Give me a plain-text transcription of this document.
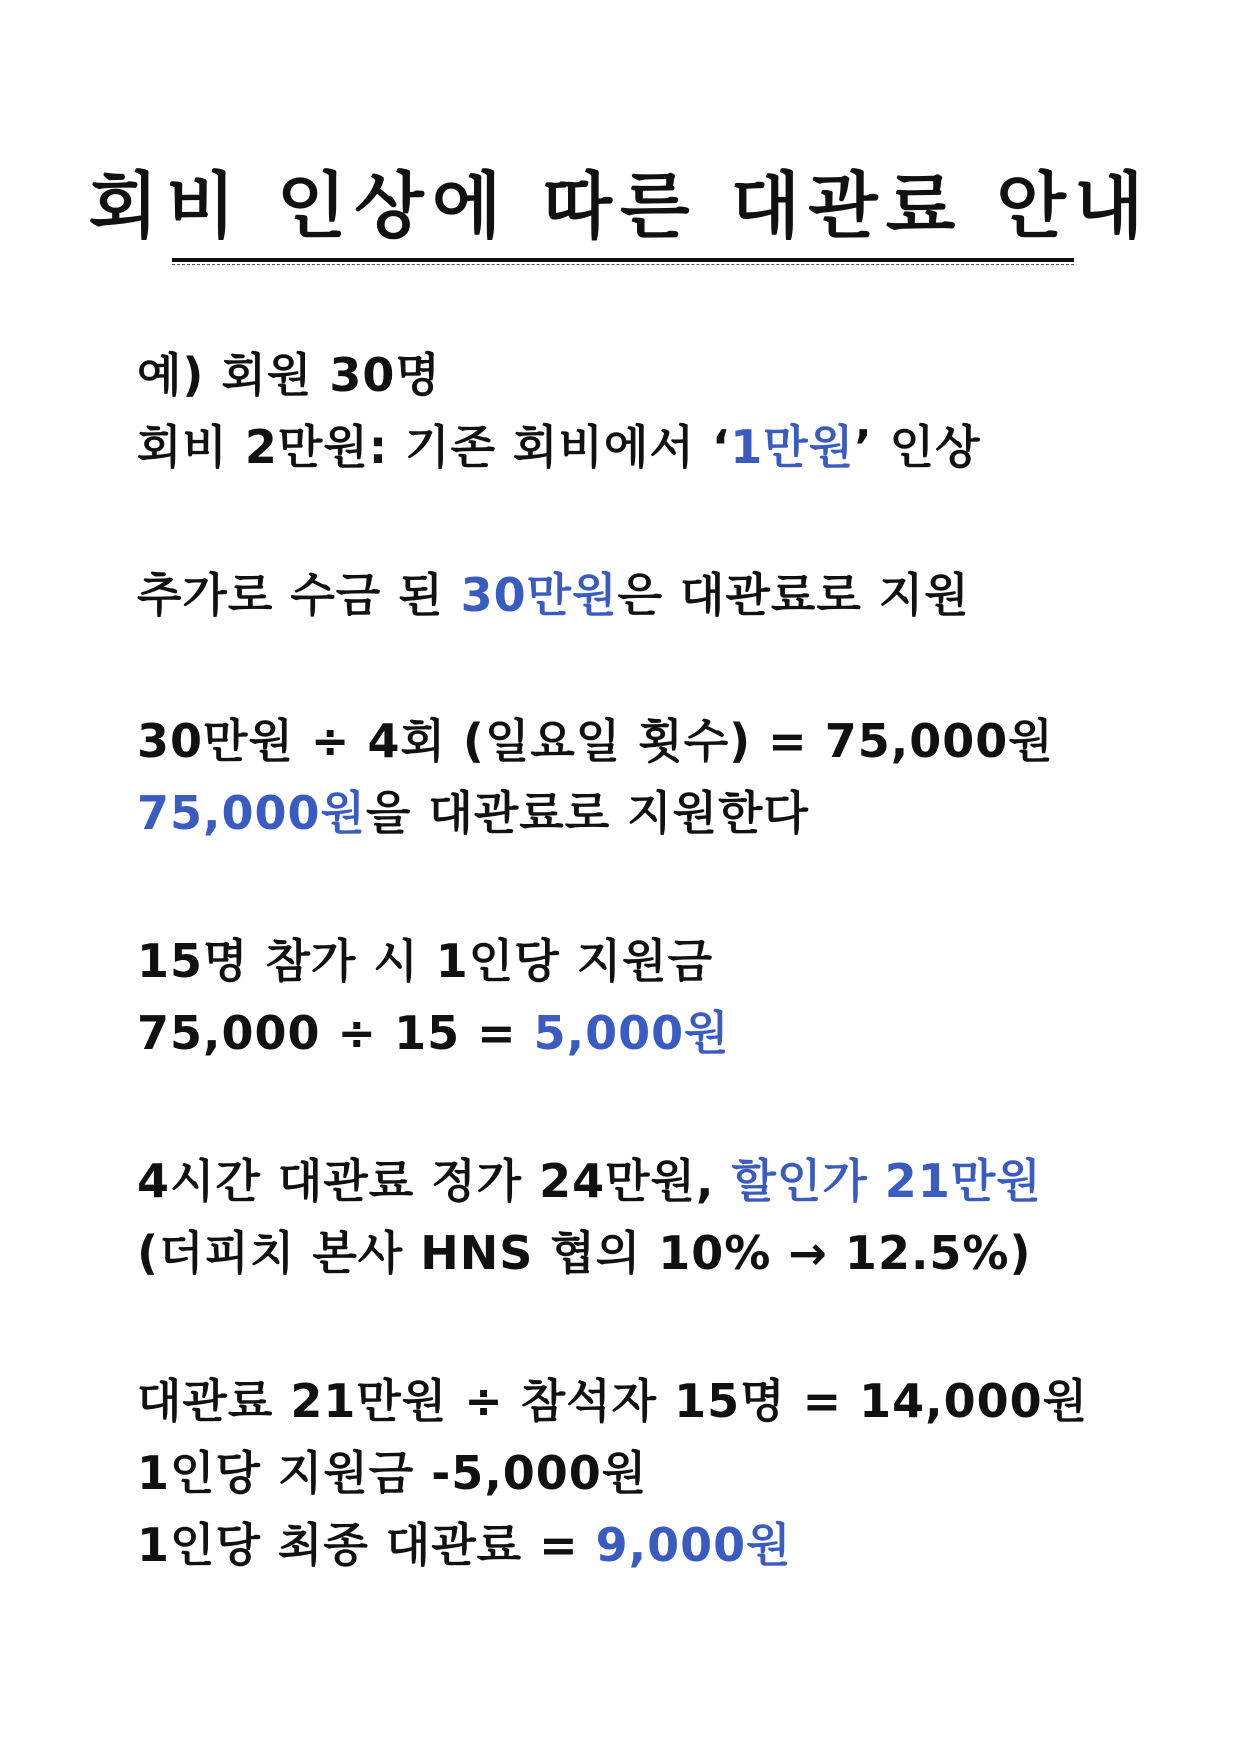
회비 인상에 따른 대관료 안내
예) 회원 30명
회비 2만원: 기존 회비에서 ‘1만원’ 인상
추가로 수금 된 30만원은 대관료로 지원
30만원 ÷ 4회 (일요일 횟수) = 75,000원
75,000원을 대관료로 지원한다
15명 참가 시 1인당 지원금
75,000 ÷ 15 = 5,000원
4시간 대관료 정가 24만원, 할인가 21만원
(더피치 본사 HNS 협의 10% → 12.5%)
대관료 21만원 ÷ 참석자 15명 = 14,000원
1인당 지원금 -5,000원
1인당 최종 대관료 = 9,000원
